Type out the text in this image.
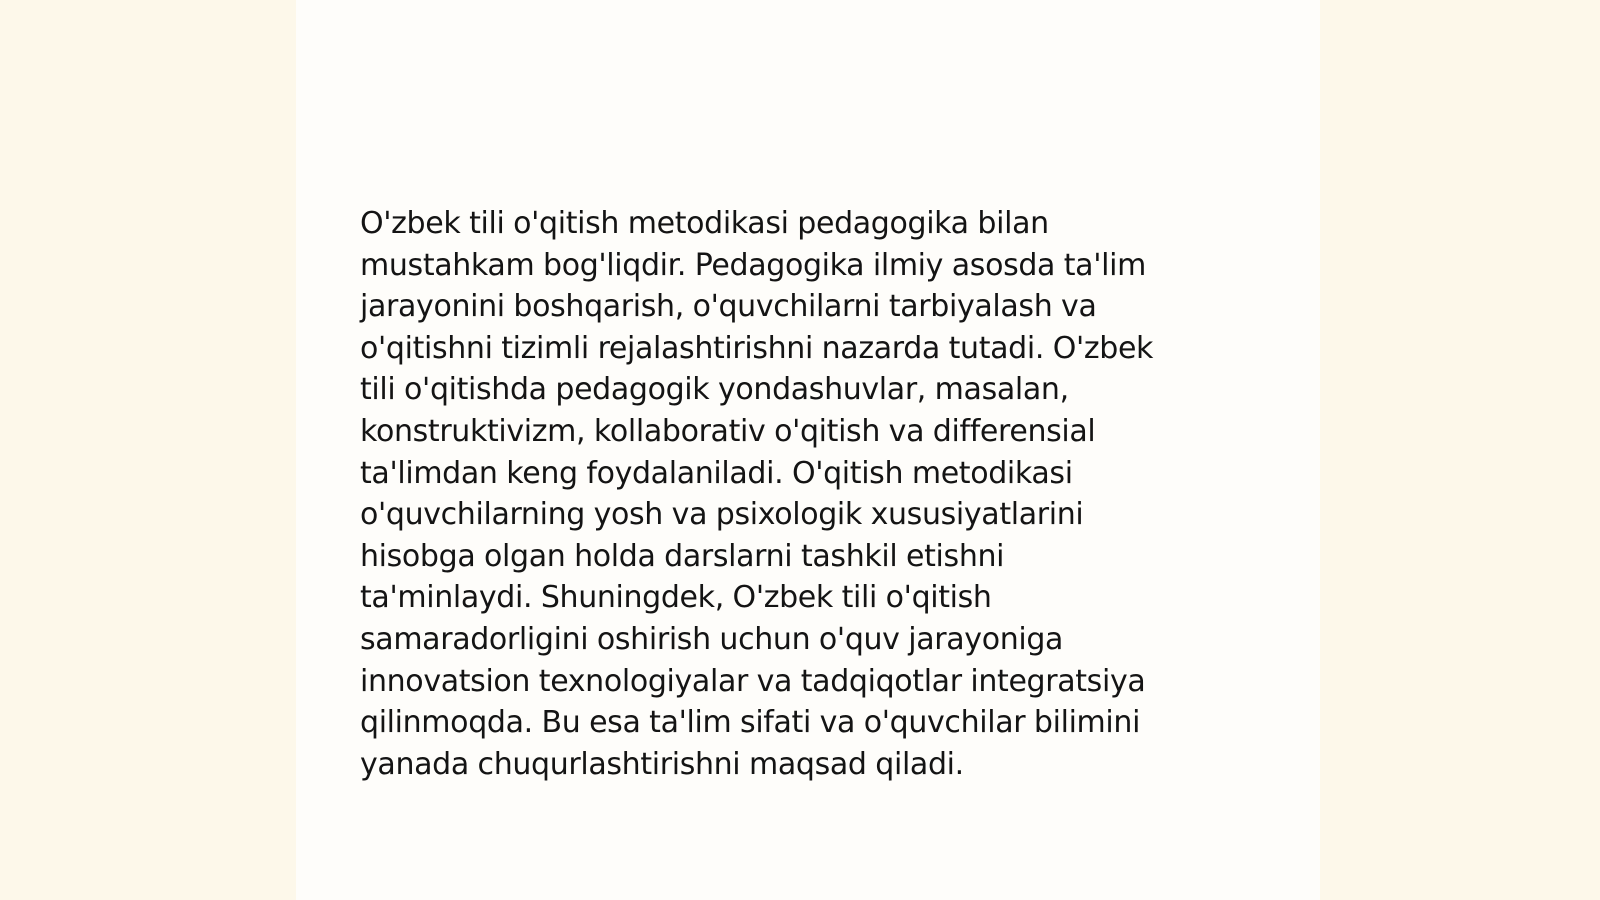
O'zbek tili o'qitish metodikasi pedagogika bilan
mustahkam bog'liqdir. Pedagogika ilmiy asosda ta'lim
jarayonini boshqarish, o'quvchilarni tarbiyalash va
o'qitishni tizimli rejalashtirishni nazarda tutadi. O'zbek
tili o'qitishda pedagogik yondashuvlar, masalan,
konstruktivizm, kollaborativ o'qitish va differensial
ta'limdan keng foydalaniladi. O'qitish metodikasi
o'quvchilarning yosh va psixologik xususiyatlarini
hisobga olgan holda darslarni tashkil etishni
ta'minlaydi. Shuningdek, O'zbek tili o'qitish
samaradorligini oshirish uchun o'quv jarayoniga
innovatsion texnologiyalar va tadqiqotlar integratsiya
qilinmoqda. Bu esa ta'lim sifati va o'quvchilar bilimini
yanada chuqurlashtirishni maqsad qiladi.
